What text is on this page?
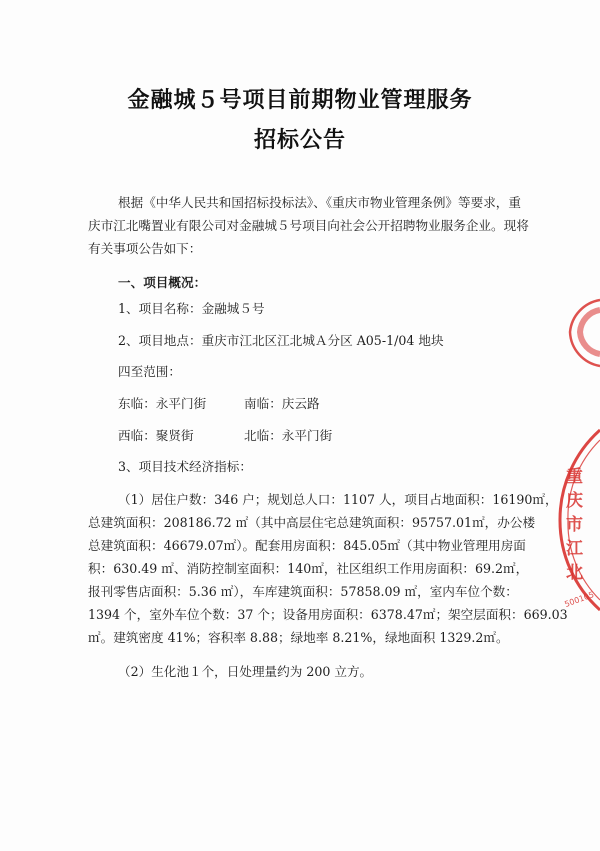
金融城５号项目前期物业管理服务
招标公告
根据《中华人民共和国招标投标法》、《重庆市物业管理条例》等要求，重
庆市江北嘴置业有限公司对金融城５号项目向社会公开招聘物业服务企业。现将
有关事项公告如下：
一、项目概况：
1、项目名称：金融城５号
2、项目地点：重庆市江北区江北城Ａ分区 A05-1/04 地块
四至范围：
东临：永平门街	南临：庆云路
西临：聚贤街	北临：永平门街
3、项目技术经济指标：
（1）居住户数：346 户；规划总人口：1107 人，项目占地面积：16190㎡，
总建筑面积：208186.72 ㎡（其中高层住宅总建筑面积：95757.01㎡，办公楼
总建筑面积：46679.07㎡）。配套用房面积：845.05㎡（其中物业管理用房面
积：630.49 ㎡、消防控制室面积：140㎡，社区组织工作用房面积：69.2㎡，
报刊零售店面积：5.36 ㎡），车库建筑面积：57858.09 ㎡，室内车位个数：
1394 个，室外车位个数：37 个；设备用房面积：6378.47㎡；架空层面积：669.03
㎡。建筑密度 41%；容积率 8.88；绿地率 8.21%，绿地面积 1329.2㎡。
（2）生化池１个，日处理量约为 200 立方。
重庆市江北
500105
